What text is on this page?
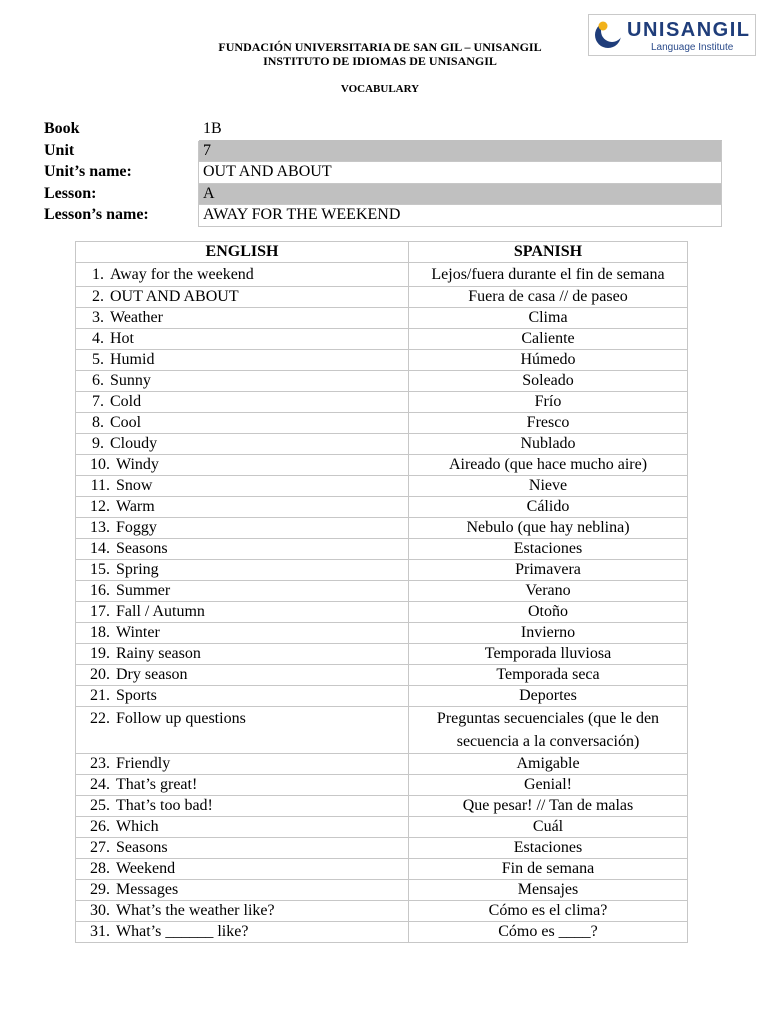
UNISANGIL
Language Institute
FUNDACIÓN UNIVERSITARIA DE SAN GIL – UNISANGIL
INSTITUTO DE IDIOMAS DE UNISANGIL
VOCABULARY
Book	1B
Unit	7
Unit’s name:	OUT AND ABOUT
Lesson:	A
Lesson’s name:	AWAY FOR THE WEEKEND
ENGLISH	SPANISH
1. Away for the weekend	Lejos/fuera durante el fin de semana
2. OUT AND ABOUT	Fuera de casa // de paseo
3. Weather	Clima
4. Hot	Caliente
5. Humid	Húmedo
6. Sunny	Soleado
7. Cold	Frío
8. Cool	Fresco
9. Cloudy	Nublado
10. Windy	Aireado (que hace mucho aire)
11. Snow	Nieve
12. Warm	Cálido
13. Foggy	Nebulo (que hay neblina)
14. Seasons	Estaciones
15. Spring	Primavera
16. Summer	Verano
17. Fall / Autumn	Otoño
18. Winter	Invierno
19. Rainy season	Temporada lluviosa
20. Dry season	Temporada seca
21. Sports	Deportes
22. Follow up questions	Preguntas secuenciales (que le den secuencia a la conversación)
23. Friendly	Amigable
24. That’s great!	Genial!
25. That’s too bad!	Que pesar! // Tan de malas
26. Which	Cuál
27. Seasons	Estaciones
28. Weekend	Fin de semana
29. Messages	Mensajes
30. What’s the weather like?	Cómo es el clima?
31. What’s ______ like?	Cómo es ____?
